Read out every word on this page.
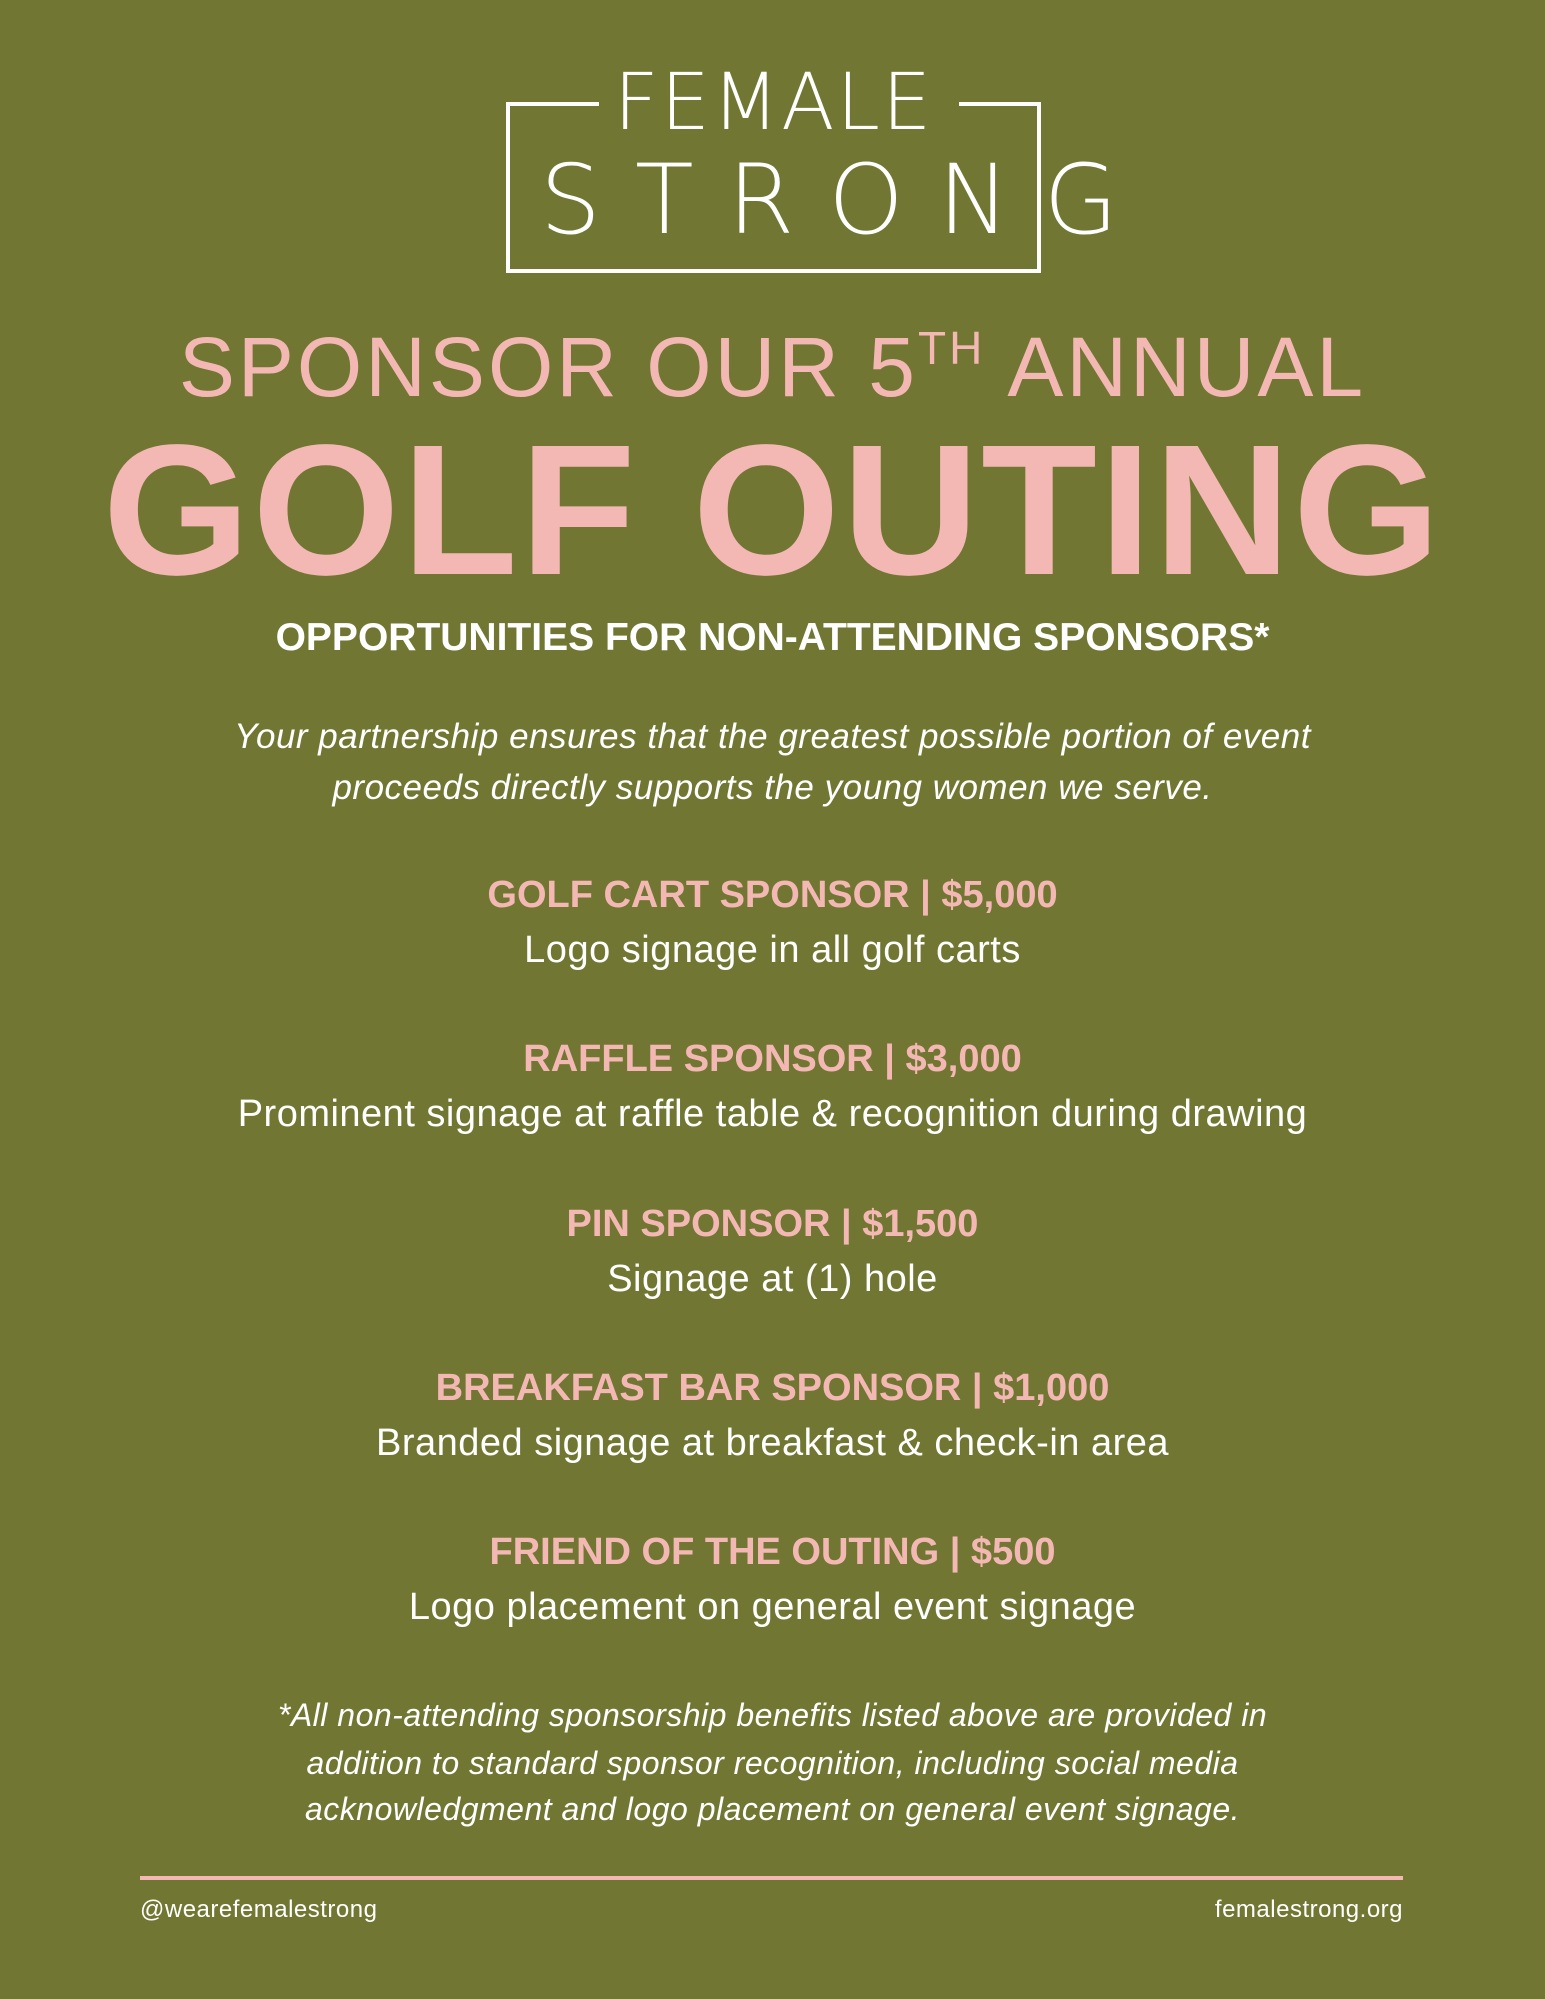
FEMALE
STRONG
SPONSOR OUR 5TH ANNUAL
GOLF OUTING
OPPORTUNITIES FOR NON-ATTENDING SPONSORS*
Your partnership ensures that the greatest possible portion of event
proceeds directly supports the young women we serve.
GOLF CART SPONSOR | $5,000
Logo signage in all golf carts
RAFFLE SPONSOR | $3,000
Prominent signage at raffle table & recognition during drawing
PIN SPONSOR | $1,500
Signage at (1) hole
BREAKFAST BAR SPONSOR | $1,000
Branded signage at breakfast & check-in area
FRIEND OF THE OUTING | $500
Logo placement on general event signage
*All non-attending sponsorship benefits listed above are provided in
addition to standard sponsor recognition, including social media
acknowledgment and logo placement on general event signage.
@wearefemalestrong	femalestrong.org
